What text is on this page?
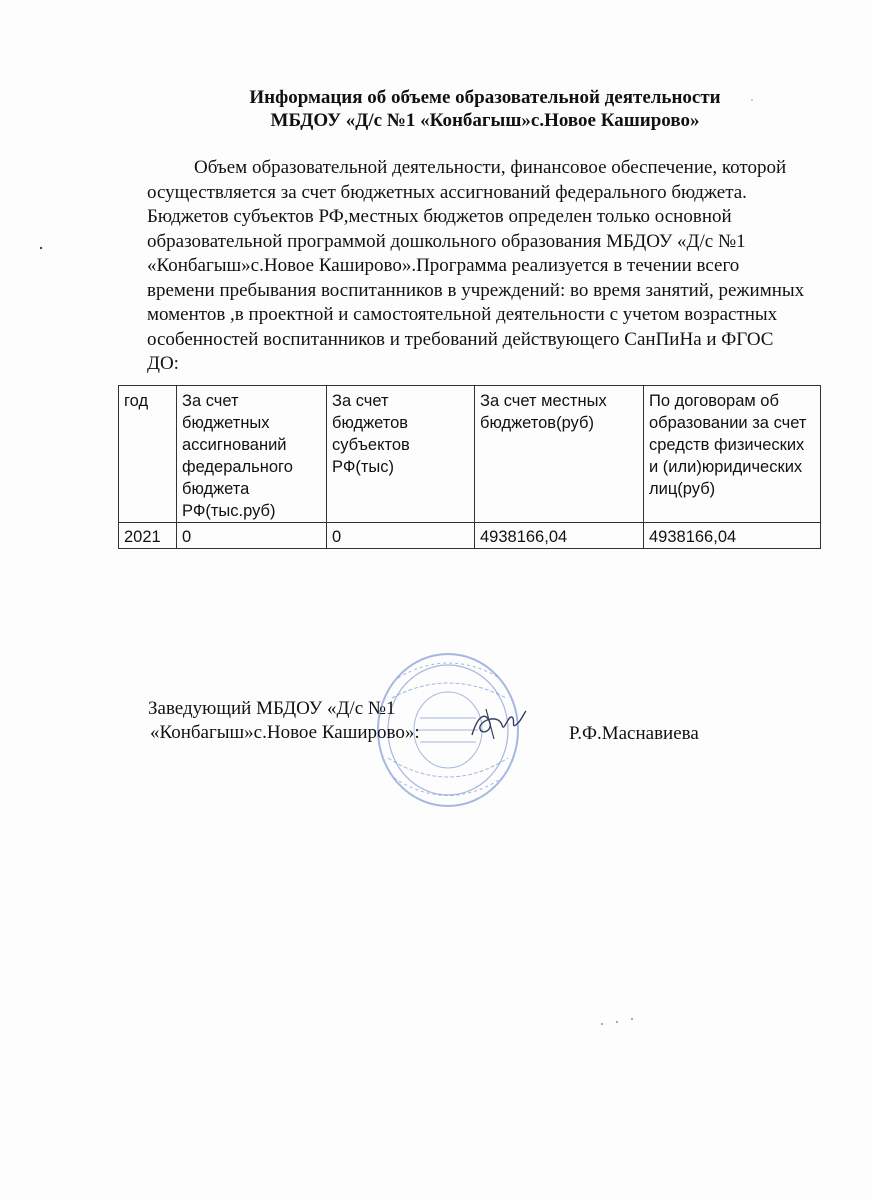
Информация об объеме образовательной деятельности
МБДОУ «Д/с №1 «Конбагыш»с.Новое Каширово»

Объем образовательной деятельности, финансовое обеспечение, которой осуществляется за счет бюджетных ассигнований федерального бюджета. Бюджетов субъектов РФ,местных бюджетов определен только основной образовательной программой дошкольного образования МБДОУ «Д/с №1 «Конбагыш»с.Новое Каширово».Программа реализуется в течении всего времени пребывания воспитанников в учреждений: во время занятий, режимных моментов ,в проектной и самостоятельной деятельности с учетом возрастных особенностей воспитанников и требований действующего СанПиНа и ФГОС ДО:

год	За счет бюджетных ассигнований федерального бюджета РФ(тыс.руб)	За счет бюджетов субъектов РФ(тыс)	За счет местных бюджетов(руб)	По договорам об образовании за счет средств физических и (или)юридических лиц(руб)
2021	0	0	4938166,04	4938166,04
Заведующий МБДОУ «Д/с №1
«Конбагыш»с.Новое Каширово»:	Р.Ф.Маснавиева
